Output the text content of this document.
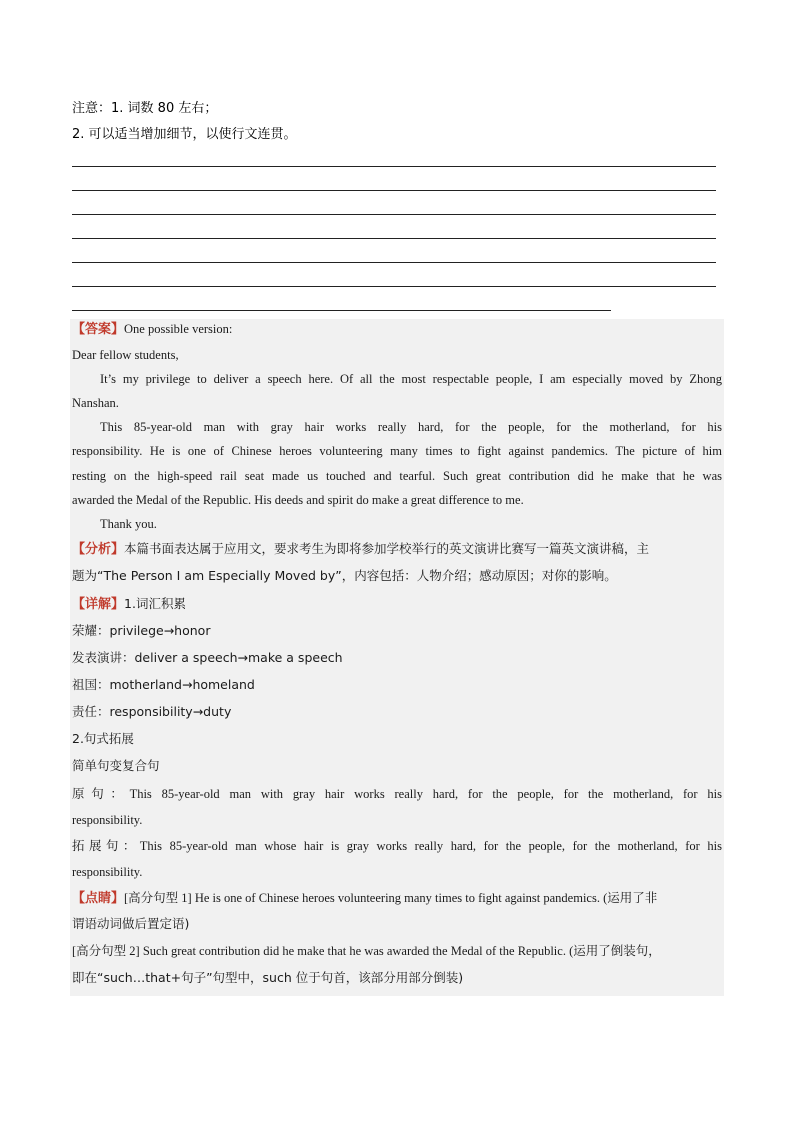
注意：1. 词数 80 左右；
2. 可以适当增加细节，以使行文连贯。
【答案】One possible version:
Dear fellow students,
It’s my privilege to deliver a speech here. Of all the most respectable people, I am especially moved by Zhong
Nanshan.
This 85-year-old man with gray hair works really hard, for the people, for the motherland, for his
responsibility. He is one of Chinese heroes volunteering many times to fight against pandemics. The picture of him
resting on the high-speed rail seat made us touched and tearful. Such great contribution did he make that he was
awarded the Medal of the Republic. His deeds and spirit do make a great difference to me.
Thank you.
【分析】本篇书面表达属于应用文，要求考生为即将参加学校举行的英文演讲比赛写一篇英文演讲稿，主
题为“The Person I am Especially Moved by”，内容包括：人物介绍；感动原因；对你的影响。
【详解】1.词汇积累
荣耀：privilege→honor
发表演讲：deliver a speech→make a speech
祖国：motherland→homeland
责任：responsibility→duty
2.句式拓展
简单句变复合句
原句：This 85-year-old man with gray hair works really hard, for the people, for the motherland, for his
responsibility.
拓展句：This 85-year-old man whose hair is gray works really hard, for the people, for the motherland, for his
responsibility.
【点睛】[高分句型 1] He is one of Chinese heroes volunteering many times to fight against pandemics. (运用了非
谓语动词做后置定语)
[高分句型 2] Such great contribution did he make that he was awarded the Medal of the Republic. (运用了倒装句，
即在“such…that+句子”句型中，such 位于句首，该部分用部分倒装)
